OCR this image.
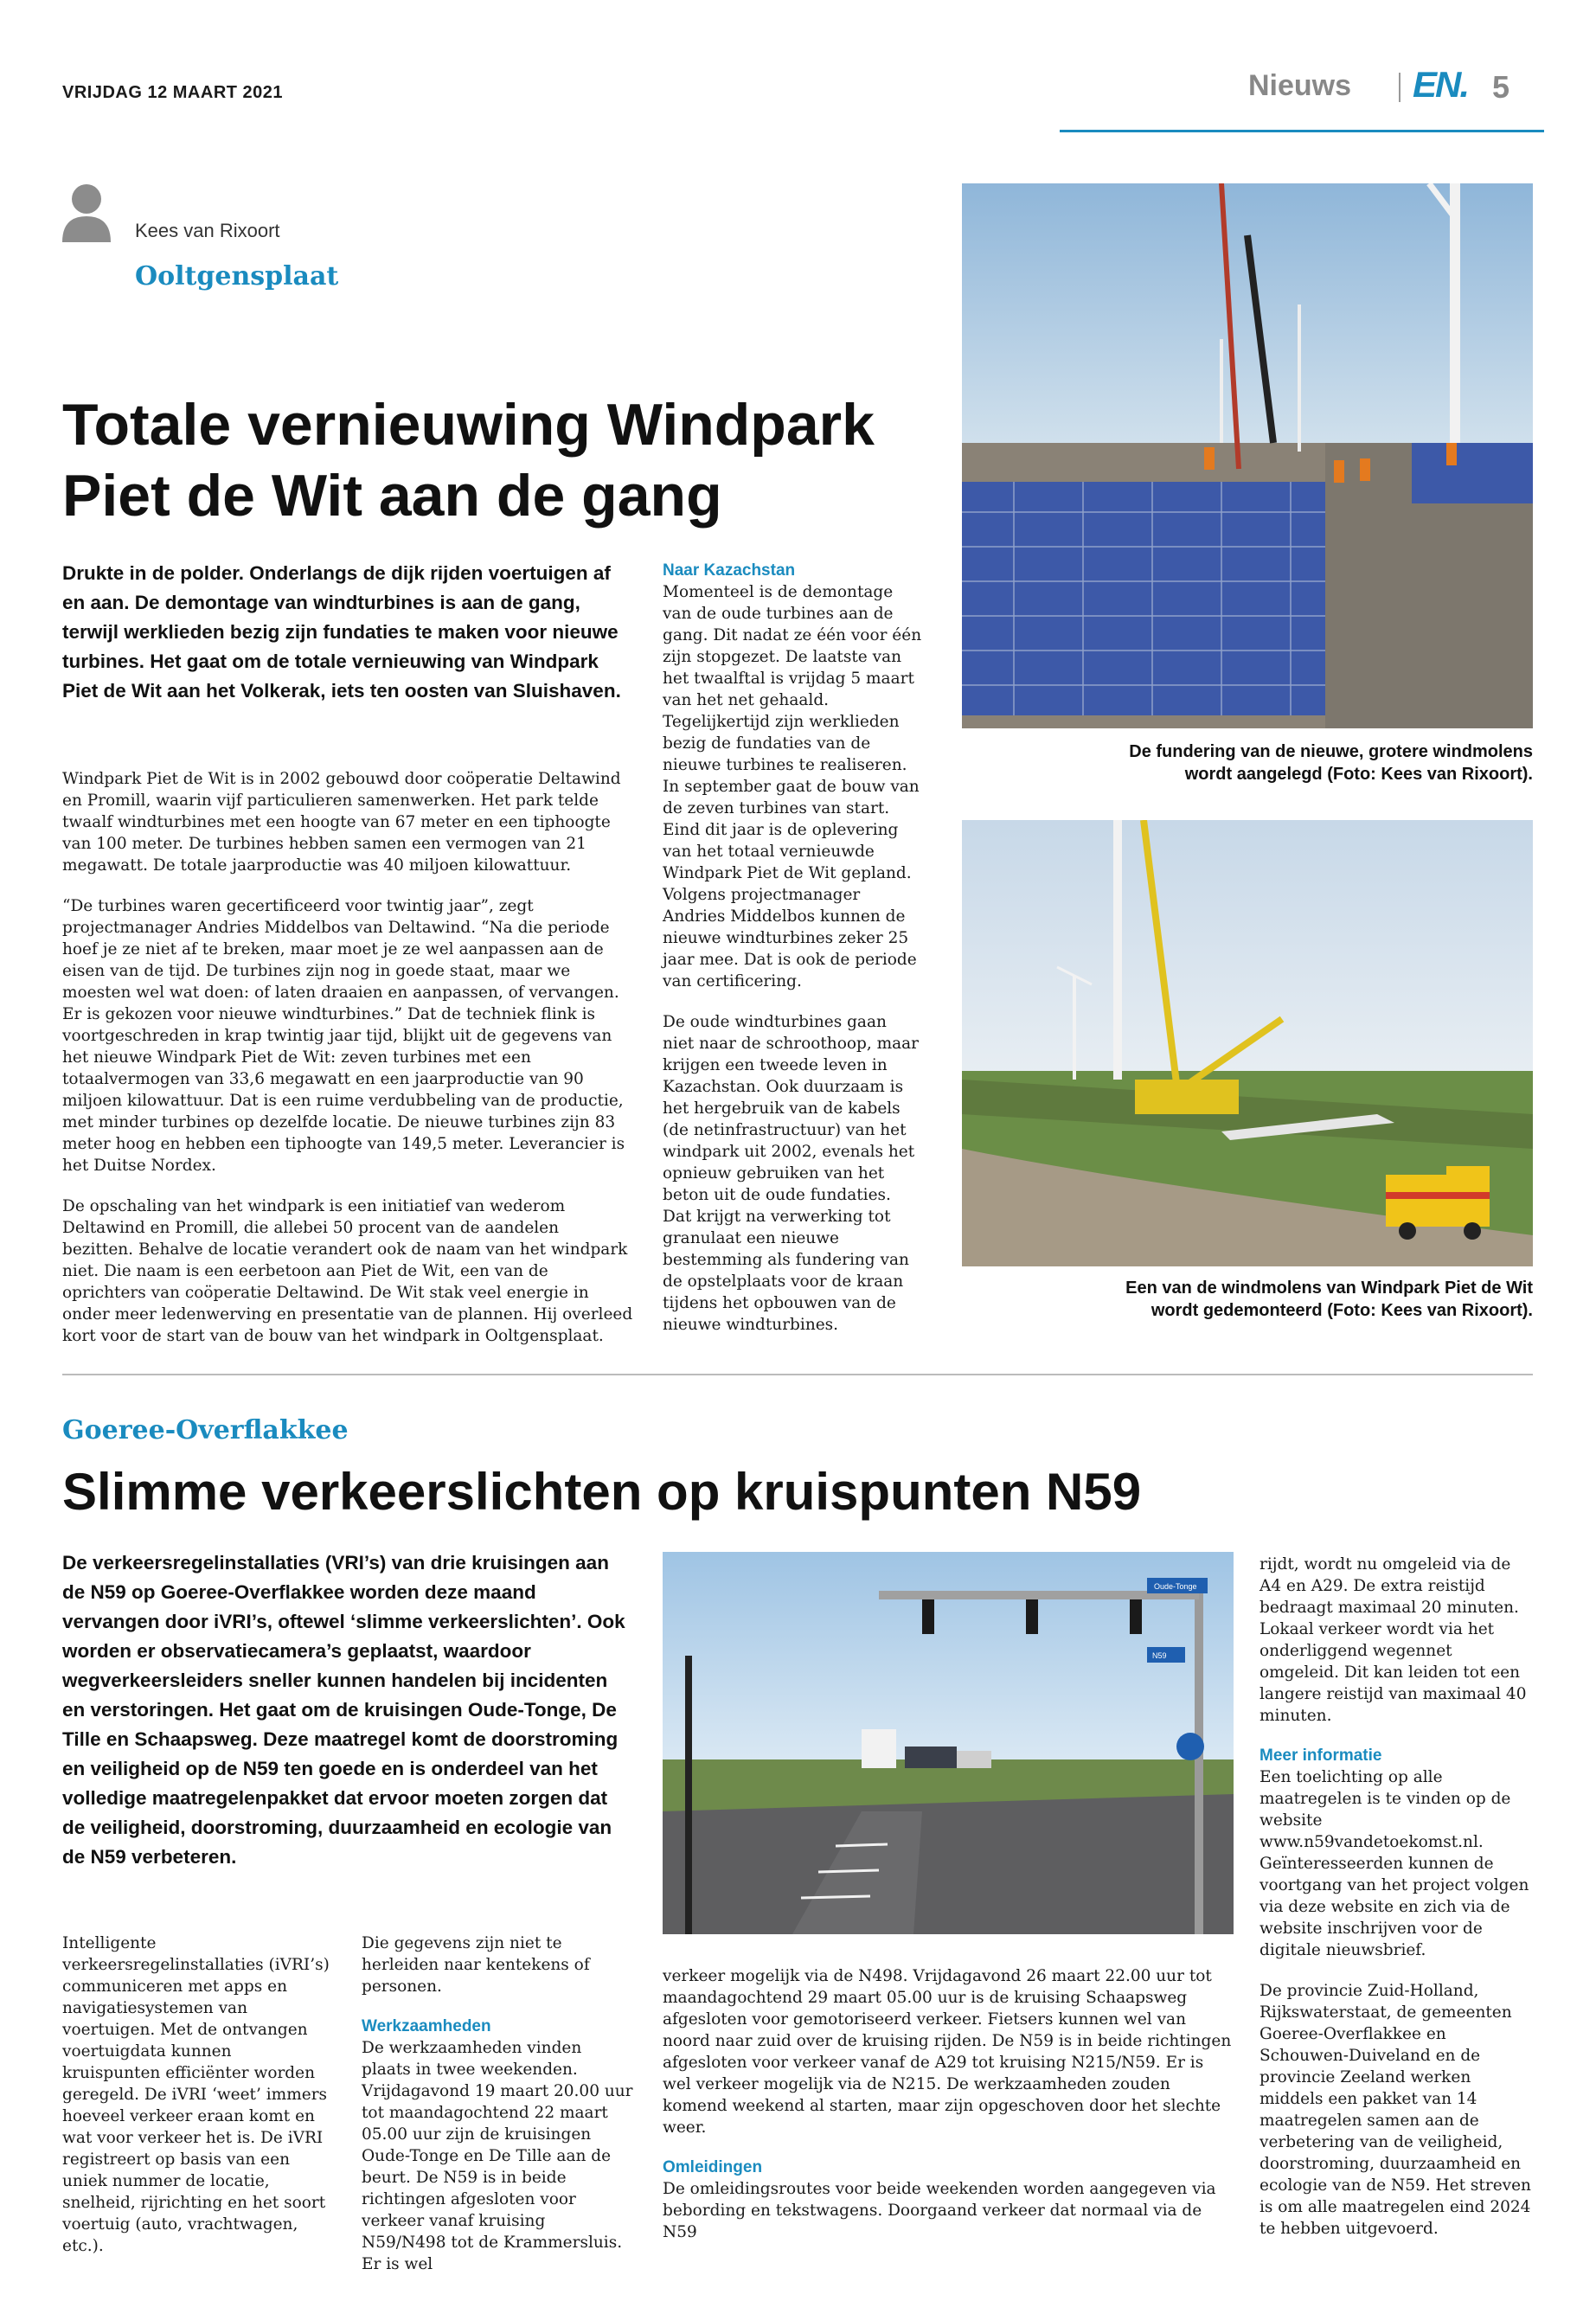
VRIJDAG 12 MAART 2021	Nieuws EN. 5
Kees van Rixoort
Ooltgensplaat
Totale vernieuwing Windpark
Piet de Wit aan de gang
Drukte in de polder. Onderlangs de dijk rijden voertuigen af en aan. De demontage van windturbines is aan de gang, terwijl werklieden bezig zijn fundaties te maken voor nieuwe turbines. Het gaat om de totale vernieuwing van Windpark Piet de Wit aan het Volkerak, iets ten oosten van Sluishaven.

Windpark Piet de Wit is in 2002 gebouwd door coöperatie Deltawind en Promill, waarin vijf particulieren samenwerken. Het park telde twaalf windturbines met een hoogte van 67 meter en een tiphoogte van 100 meter. De turbines hebben samen een vermogen van 21 megawatt. De totale jaarproductie was 40 miljoen kilowattuur.

“De turbines waren gecertificeerd voor twintig jaar”, zegt projectmanager Andries Middelbos van Deltawind. “Na die periode hoef je ze niet af te breken, maar moet je ze wel aanpassen aan de eisen van de tijd. De turbines zijn nog in goede staat, maar we moesten wel wat doen: of laten draaien en aanpassen, of vervangen. Er is gekozen voor nieuwe windturbines.” Dat de techniek flink is voortgeschreden in krap twintig jaar tijd, blijkt uit de gegevens van het nieuwe Windpark Piet de Wit: zeven turbines met een totaalvermogen van 33,6 megawatt en een jaarproductie van 90 miljoen kilowattuur. Dat is een ruime verdubbeling van de productie, met minder turbines op dezelfde locatie. De nieuwe turbines zijn 83 meter hoog en hebben een tiphoogte van 149,5 meter. Leverancier is het Duitse Nordex.

De opschaling van het windpark is een initiatief van wederom Deltawind en Promill, die allebei 50 procent van de aandelen bezitten. Behalve de locatie verandert ook de naam van het windpark niet. Die naam is een eerbetoon aan Piet de Wit, een van de oprichters van coöperatie Deltawind. De Wit stak veel energie in onder meer ledenwerving en presentatie van de plannen. Hij overleed kort voor de start van de bouw van het windpark in Ooltgensplaat.

Naar Kazachstan

Momenteel is de demontage van de oude turbines aan de gang. Dit nadat ze één voor één zijn stopgezet. De laatste van het twaalftal is vrijdag 5 maart van het net gehaald. Tegelijkertijd zijn werklieden bezig de fundaties van de nieuwe turbines te realiseren. In september gaat de bouw van de zeven turbines van start. Eind dit jaar is de oplevering van het totaal vernieuwde Windpark Piet de Wit gepland. Volgens projectmanager Andries Middelbos kunnen de nieuwe windturbines zeker 25 jaar mee. Dat is ook de periode van certificering.

De oude windturbines gaan niet naar de schroothoop, maar krijgen een tweede leven in Kazachstan. Ook duurzaam is het hergebruik van de kabels (de netinfrastructuur) van het windpark uit 2002, evenals het opnieuw gebruiken van het beton uit de oude fundaties. Dat krijgt na verwerking tot granulaat een nieuwe bestemming als fundering van de opstelplaats voor de kraan tijdens het opbouwen van de nieuwe windturbines.

De fundering van de nieuwe, grotere windmolens
wordt aangelegd (Foto: Kees van Rixoort).
Een van de windmolens van Windpark Piet de Wit
wordt gedemonteerd (Foto: Kees van Rixoort).
Goeree-Overflakkee
Slimme verkeerslichten op kruispunten N59
De verkeersregelinstallaties (VRI’s) van drie kruisingen aan de N59 op Goeree-Overflakkee worden deze maand vervangen door iVRI’s, oftewel ‘slimme verkeerslichten’. Ook worden er observatiecamera’s geplaatst, waardoor wegverkeersleiders sneller kunnen handelen bij incidenten en verstoringen. Het gaat om de kruisingen Oude-Tonge, De Tille en Schaapsweg. Deze maatregel komt de doorstroming en veiligheid op de N59 ten goede en is onderdeel van het volledige maatregelenpakket dat ervoor moeten zorgen dat de veiligheid, doorstroming, duurzaamheid en ecologie van de N59 verbeteren.

Intelligente verkeersregelinstallaties (iVRI’s) communiceren met apps en navigatiesystemen van voertuigen. Met de ontvangen voertuigdata kunnen kruispunten efficiënter worden geregeld. De iVRI ‘weet’ immers hoeveel verkeer eraan komt en wat voor verkeer het is. De iVRI registreert op basis van een uniek nummer de locatie, snelheid, rijrichting en het soort voertuig (auto, vrachtwagen, etc.).

Die gegevens zijn niet te herleiden naar kentekens of personen.

Werkzaamheden

De werkzaamheden vinden plaats in twee weekenden. Vrijdagavond 19 maart 20.00 uur tot maandagochtend 22 maart 05.00 uur zijn de kruisingen Oude-Tonge en De Tille aan de beurt. De N59 is in beide richtingen afgesloten voor verkeer vanaf kruising N59/N498 tot de Krammersluis. Er is wel

Oude-Tonge
N59

verkeer mogelijk via de N498. Vrijdagavond 26 maart 22.00 uur tot maandagochtend 29 maart 05.00 uur is de kruising Schaapsweg afgesloten voor gemotoriseerd verkeer. Fietsers kunnen wel van noord naar zuid over de kruising rijden. De N59 is in beide richtingen afgesloten voor verkeer vanaf de A29 tot kruising N215/N59. Er is wel verkeer mogelijk via de N215. De werkzaamheden zouden komend weekend al starten, maar zijn opgeschoven door het slechte weer.

Omleidingen

De omleidingsroutes voor beide weekenden worden aangegeven via bebording en tekstwagens. Doorgaand verkeer dat normaal via de N59

rijdt, wordt nu omgeleid via de A4 en A29. De extra reistijd bedraagt maximaal 20 minuten. Lokaal verkeer wordt via het onderliggend wegennet omgeleid. Dit kan leiden tot een langere reistijd van maximaal 40 minuten.

Meer informatie

Een toelichting op alle maatregelen is te vinden op de website www.n59vandetoekomst.nl. Geïnteresseerden kunnen de voortgang van het project volgen via deze website en zich via de website inschrijven voor de digitale nieuwsbrief.

De provincie Zuid-Holland, Rijkswaterstaat, de gemeenten Goeree-Overflakkee en Schouwen-Duiveland en de provincie Zeeland werken middels een pakket van 14 maatregelen samen aan de verbetering van de veiligheid, doorstroming, duurzaamheid en ecologie van de N59. Het streven is om alle maatregelen eind 2024 te hebben uitgevoerd.
